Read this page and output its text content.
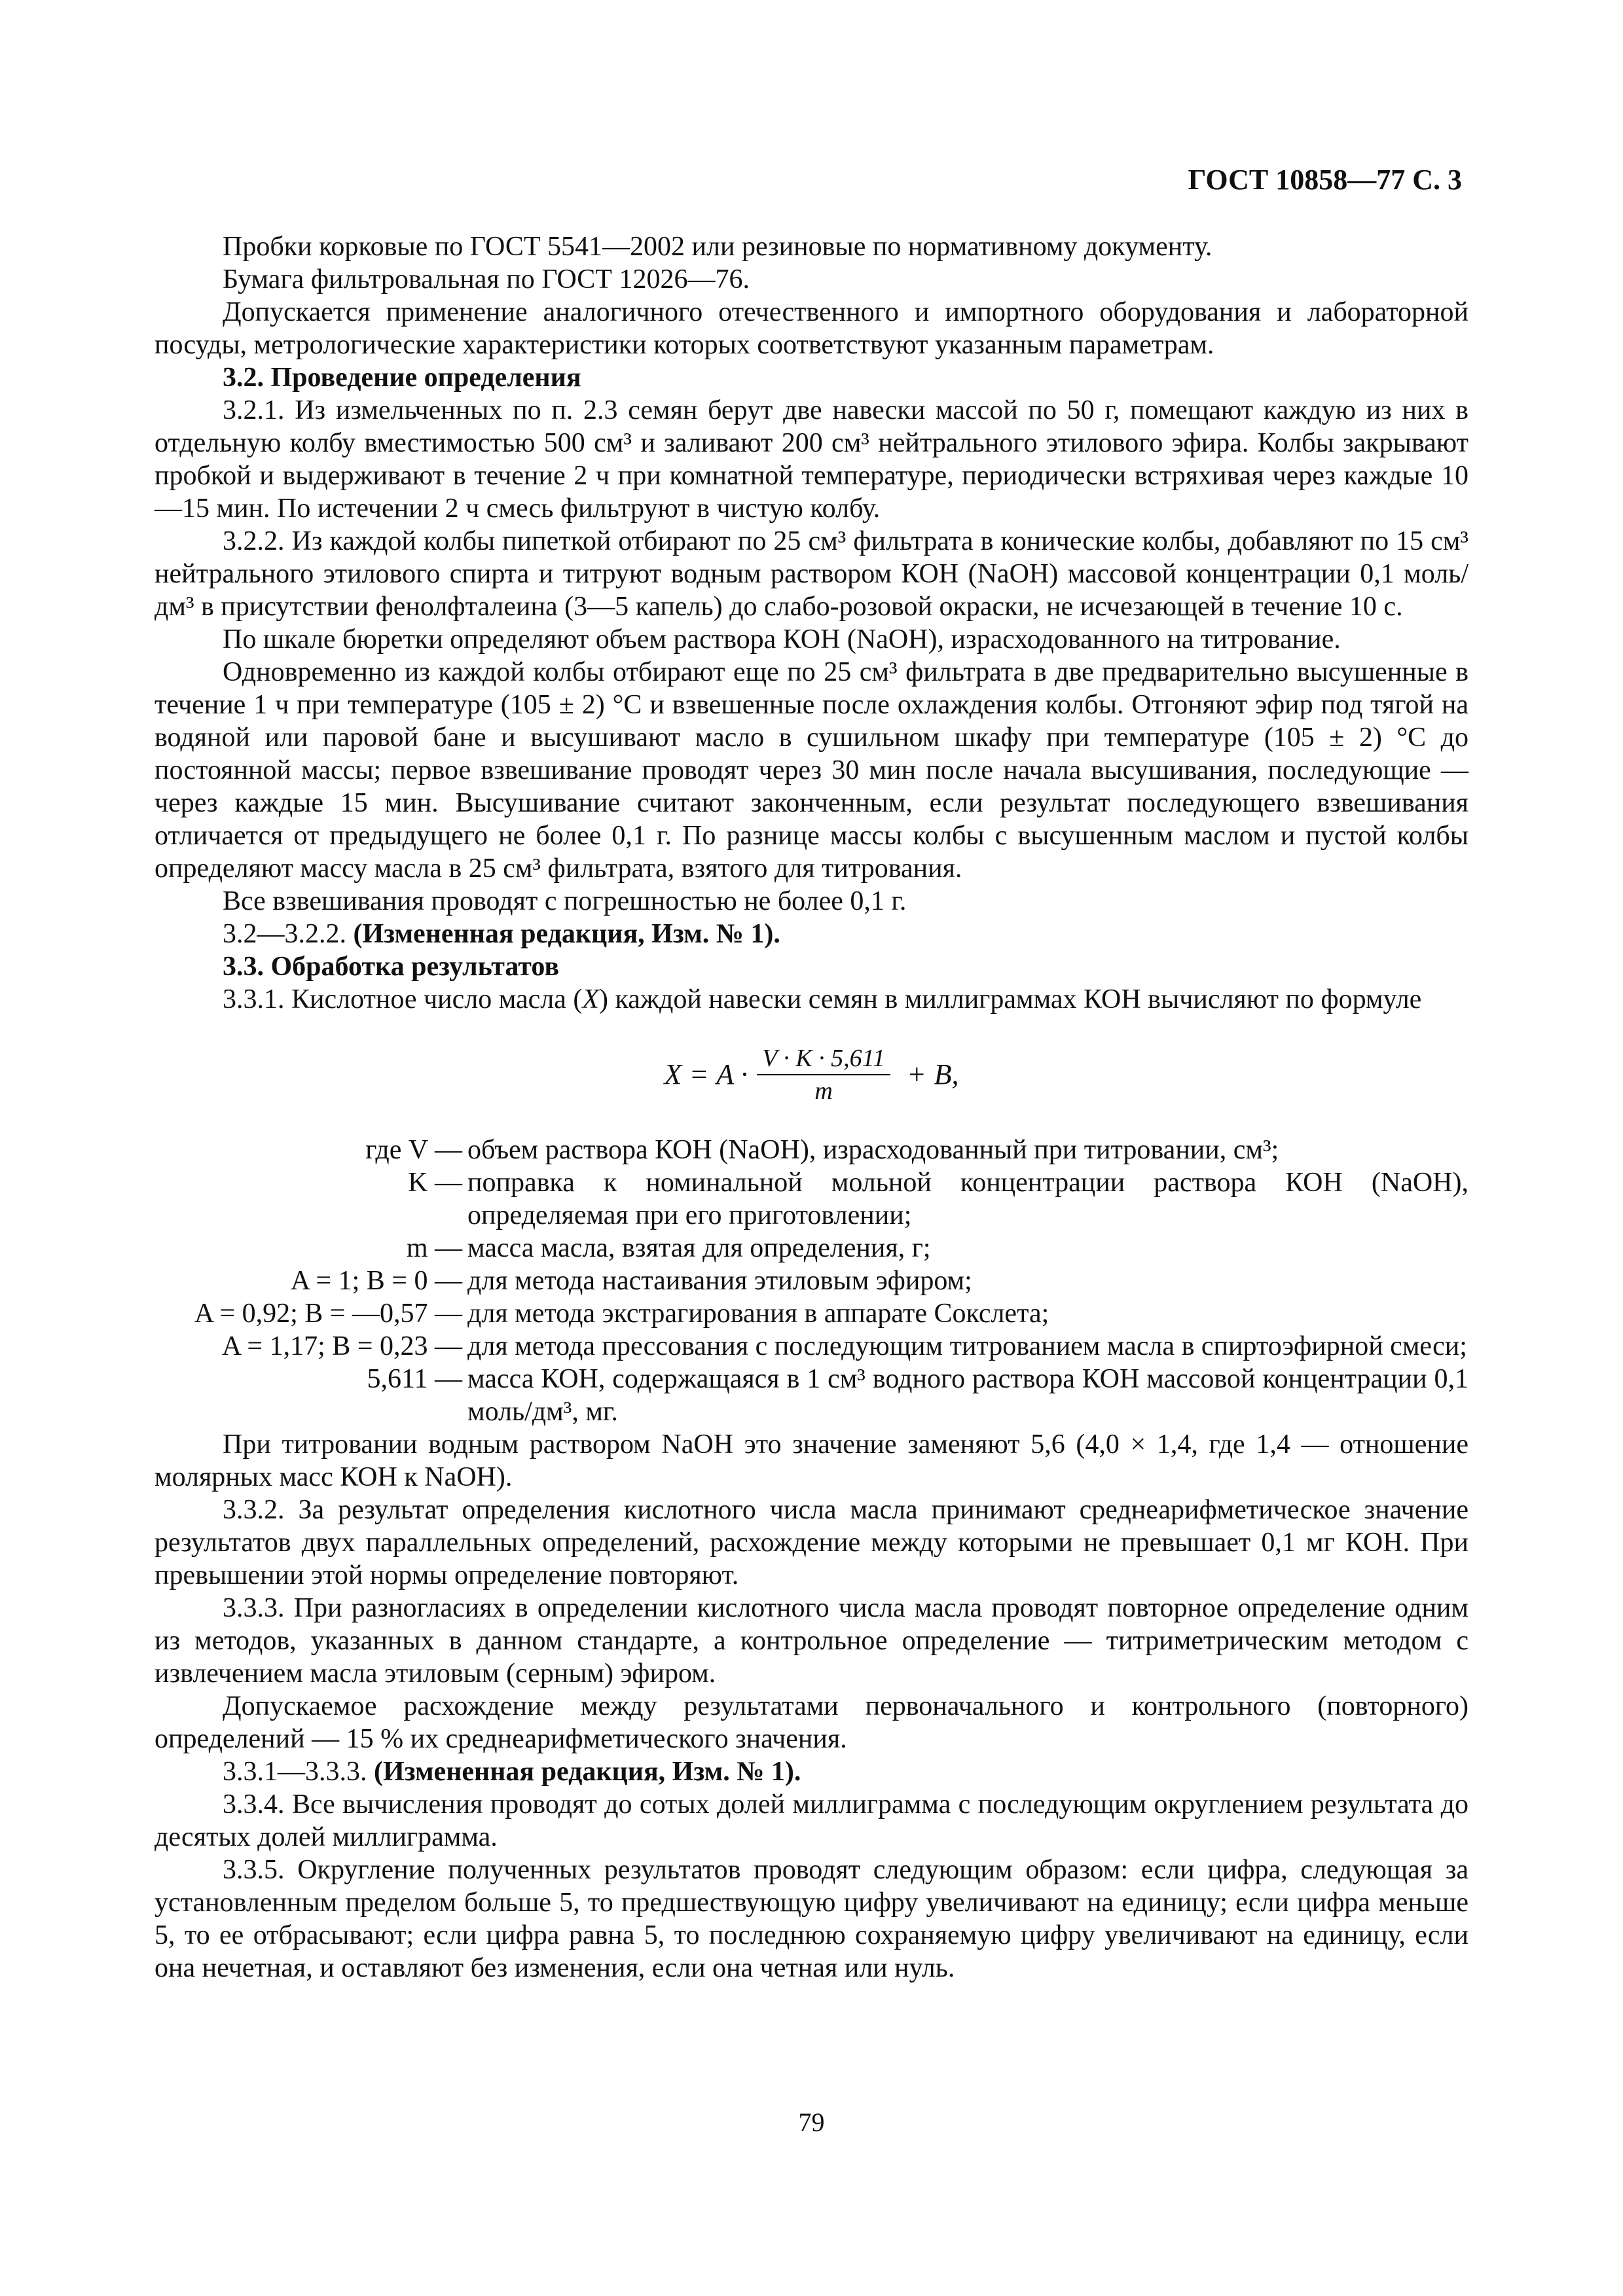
ГОСТ 10858—77 С. 3

Пробки корковые по ГОСТ 5541—2002 или резиновые по нормативному документу.

Бумага фильтровальная по ГОСТ 12026—76.

Допускается применение аналогичного отечественного и импортного оборудования и лабораторной посуды, метрологические характеристики которых соответствуют указанным параметрам.

3.2. Проведение определения

3.2.1. Из измельченных по п. 2.3 семян берут две навески массой по 50 г, помещают каждую из них в отдельную колбу вместимостью 500 см³ и заливают 200 см³ нейтрального этилового эфира. Колбы закрывают пробкой и выдерживают в течение 2 ч при комнатной температуре, периодически встряхивая через каждые 10—15 мин. По истечении 2 ч смесь фильтруют в чистую колбу.

3.2.2. Из каждой колбы пипеткой отбирают по 25 см³ фильтрата в конические колбы, добавляют по 15 см³ нейтрального этилового спирта и титруют водным раствором КОН (NaOH) массовой концентрации 0,1 моль/дм³ в присутствии фенолфталеина (3—5 капель) до слабо-розовой окраски, не исчезающей в течение 10 с.

По шкале бюретки определяют объем раствора КОН (NaOH), израсходованного на титрование.

Одновременно из каждой колбы отбирают еще по 25 см³ фильтрата в две предварительно высушенные в течение 1 ч при температуре (105 ± 2) °С и взвешенные после охлаждения колбы. Отгоняют эфир под тягой на водяной или паровой бане и высушивают масло в сушильном шкафу при температуре (105 ± 2) °С до постоянной массы; первое взвешивание проводят через 30 мин после начала высушивания, последующие — через каждые 15 мин. Высушивание считают законченным, если результат последующего взвешивания отличается от предыдущего не более 0,1 г. По разнице массы колбы с высушенным маслом и пустой колбы определяют массу масла в 25 см³ фильтрата, взятого для титрования.

Все взвешивания проводят с погрешностью не более 0,1 г.

3.2—3.2.2. (Измененная редакция, Изм. № 1).

3.3. Обработка результатов

3.3.1. Кислотное число масла (X) каждой навески семян в миллиграммах КОН вычисляют по формуле

$X = A \cdot \frac{V \cdot K \cdot 5,611}{m} + B$,
где V — объем раствора КОН (NaOH), израсходованный при титровании, см³;
K — поправка к номинальной мольной концентрации раствора КОН (NaOH), определяемая при его приготовлении;
m — масса масла, взятая для определения, г;
A = 1; B = 0 — для метода настаивания этиловым эфиром;
A = 0,92; B = —0,57 — для метода экстрагирования в аппарате Сокслета;
A = 1,17; B = 0,23 — для метода прессования с последующим титрованием масла в спиртоэфирной смеси;
5,611 — масса КОН, содержащаяся в 1 см³ водного раствора КОН массовой концентрации 0,1 моль/дм³, мг.

При титровании водным раствором NaOH это значение заменяют 5,6 (4,0 × 1,4, где 1,4 — отношение молярных масс КОН к NaOH).

3.3.2. За результат определения кислотного числа масла принимают среднеарифметическое значение результатов двух параллельных определений, расхождение между которыми не превышает 0,1 мг КОН. При превышении этой нормы определение повторяют.

3.3.3. При разногласиях в определении кислотного числа масла проводят повторное определение одним из методов, указанных в данном стандарте, а контрольное определение — титриметрическим методом с извлечением масла этиловым (серным) эфиром.

Допускаемое расхождение между результатами первоначального и контрольного (повторного) определений — 15 % их среднеарифметического значения.

3.3.1—3.3.3. (Измененная редакция, Изм. № 1).

3.3.4. Все вычисления проводят до сотых долей миллиграмма с последующим округлением результата до десятых долей миллиграмма.

3.3.5. Округление полученных результатов проводят следующим образом: если цифра, следующая за установленным пределом больше 5, то предшествующую цифру увеличивают на единицу; если цифра меньше 5, то ее отбрасывают; если цифра равна 5, то последнюю сохраняемую цифру увеличивают на единицу, если она нечетная, и оставляют без изменения, если она четная или нуль.

79
